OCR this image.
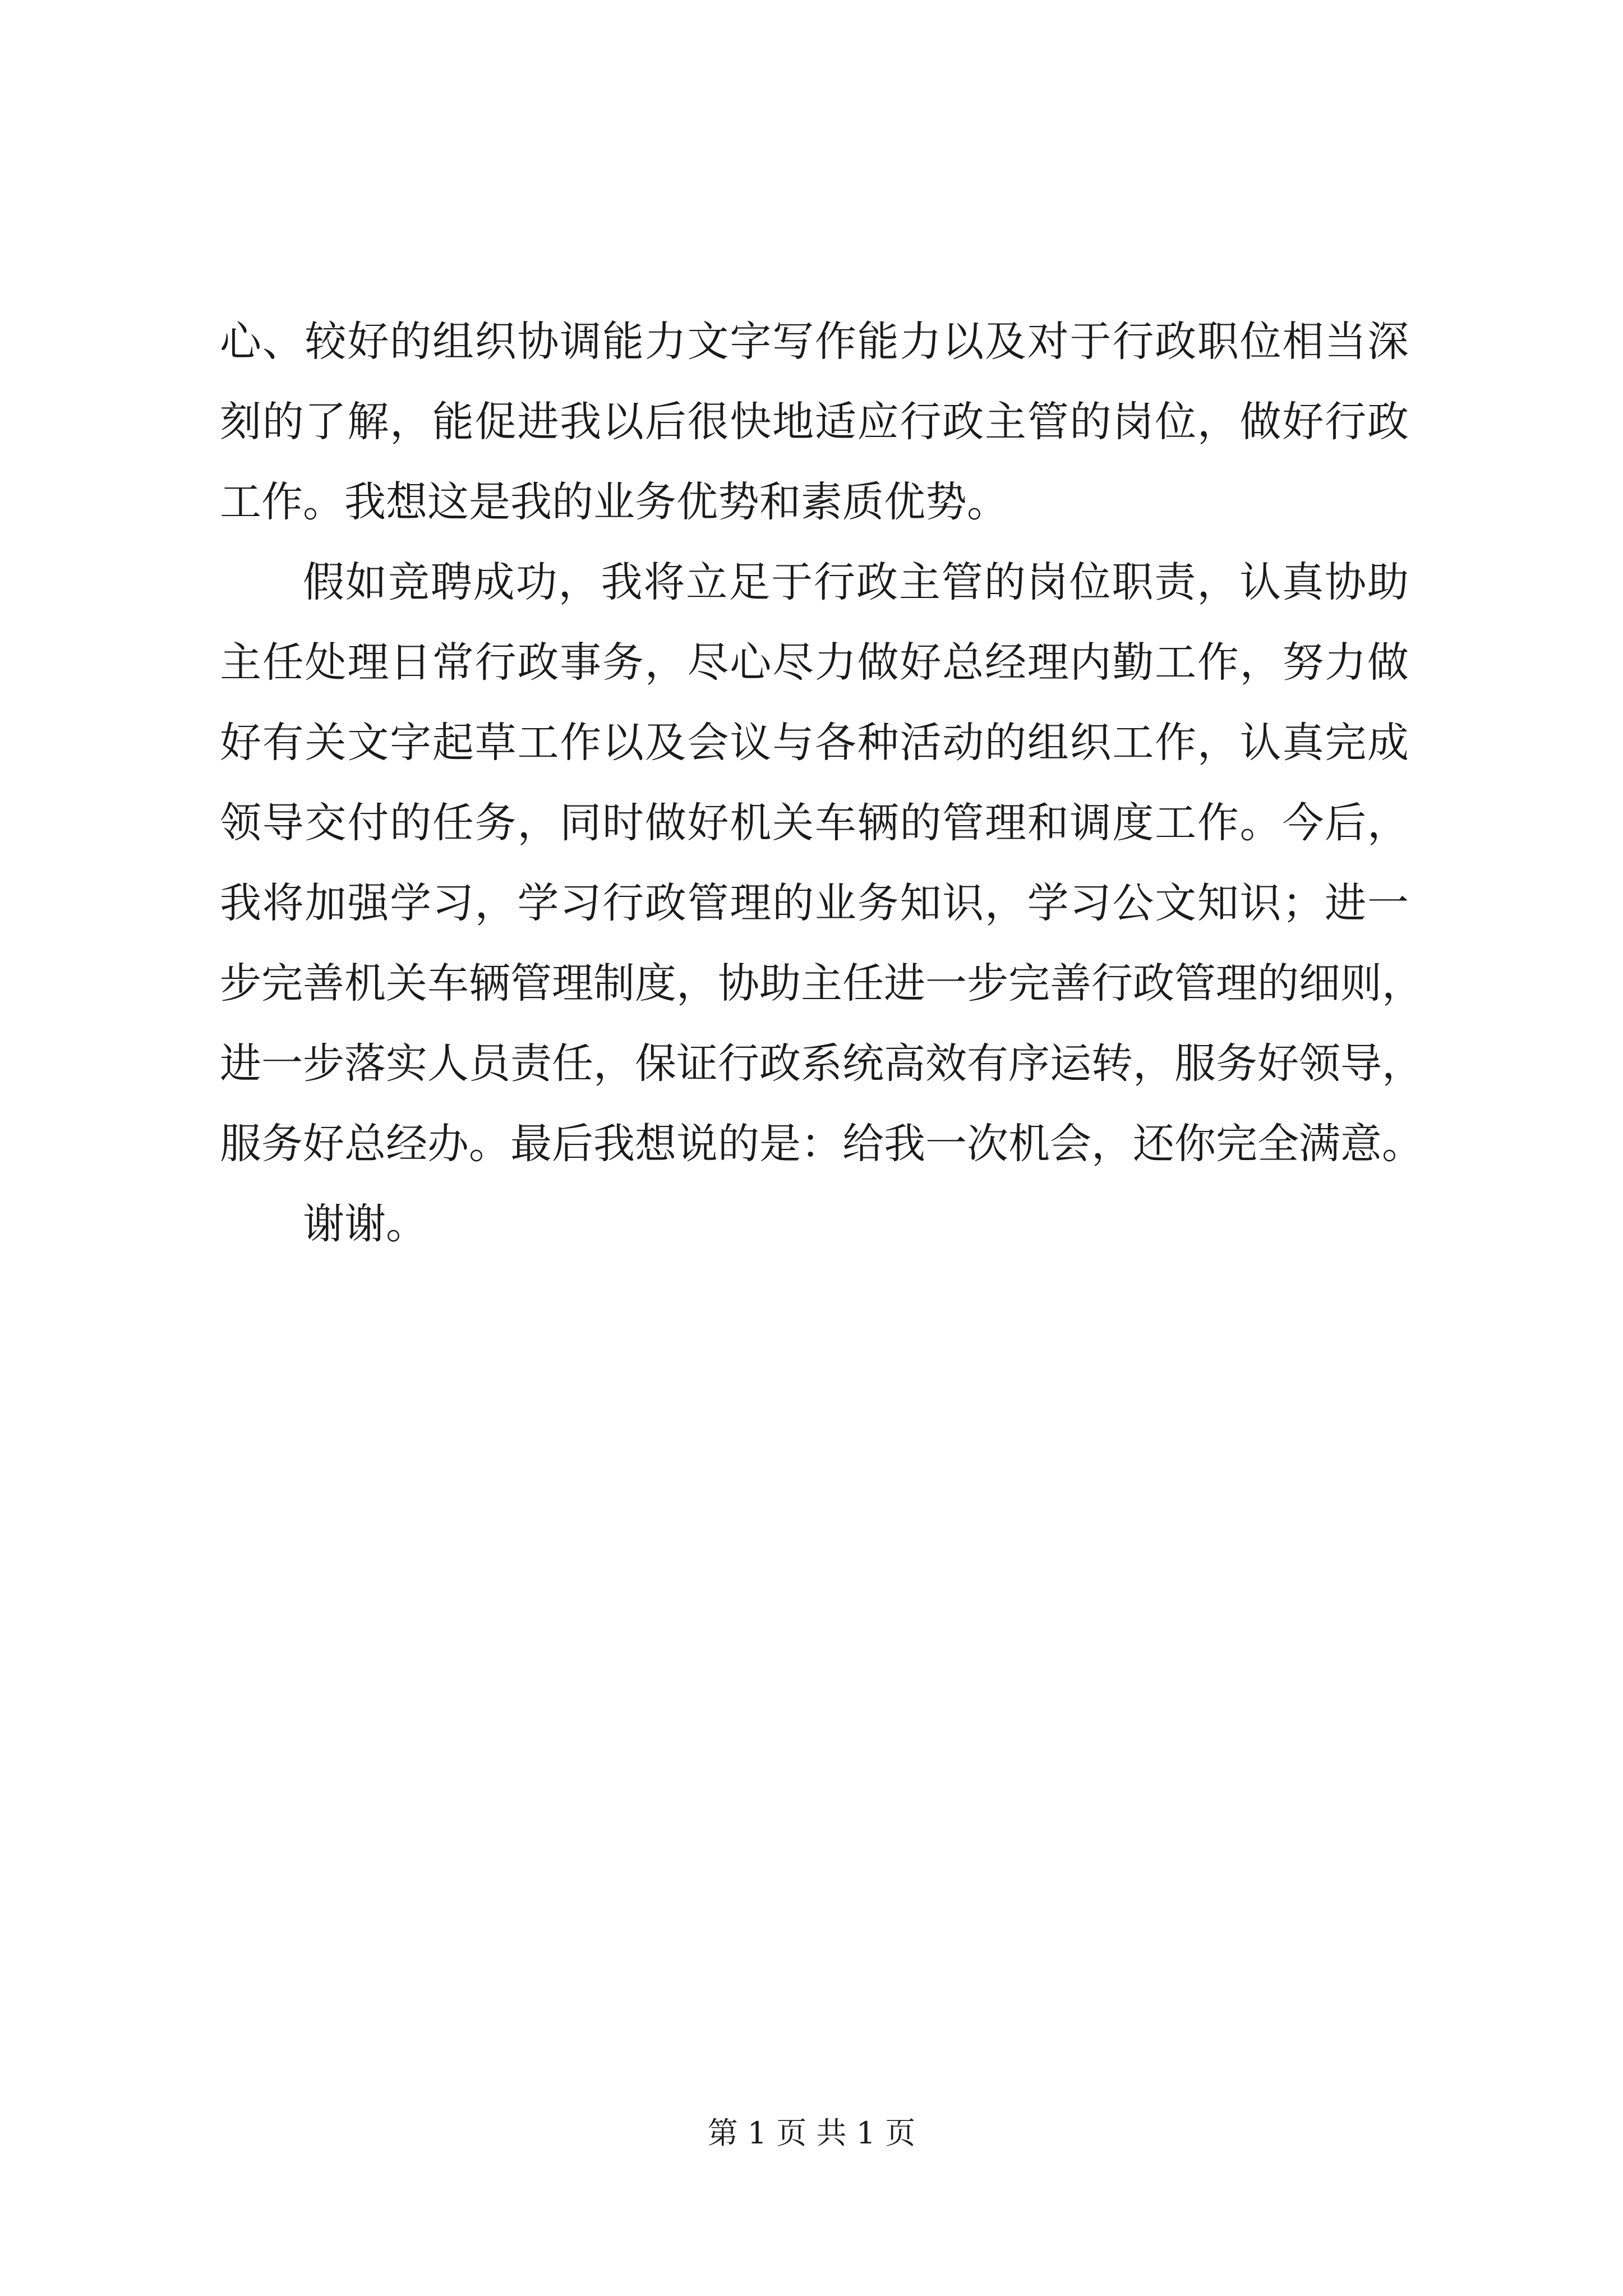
心、较好的组织协调能力文字写作能力以及对于行政职位相当深
刻的了解，能促进我以后很快地适应行政主管的岗位，做好行政
工作。我想这是我的业务优势和素质优势。
假如竞聘成功，我将立足于行政主管的岗位职责，认真协助
主任处理日常行政事务，尽心尽力做好总经理内勤工作，努力做
好有关文字起草工作以及会议与各种活动的组织工作，认真完成
领导交付的任务，同时做好机关车辆的管理和调度工作。今后，
我将加强学习，学习行政管理的业务知识，学习公文知识；进一
步完善机关车辆管理制度，协助主任进一步完善行政管理的细则，
进一步落实人员责任，保证行政系统高效有序运转，服务好领导，
服务好总经办。最后我想说的是：给我一次机会，还你完全满意。
谢谢。
第 1 页 共 1 页
